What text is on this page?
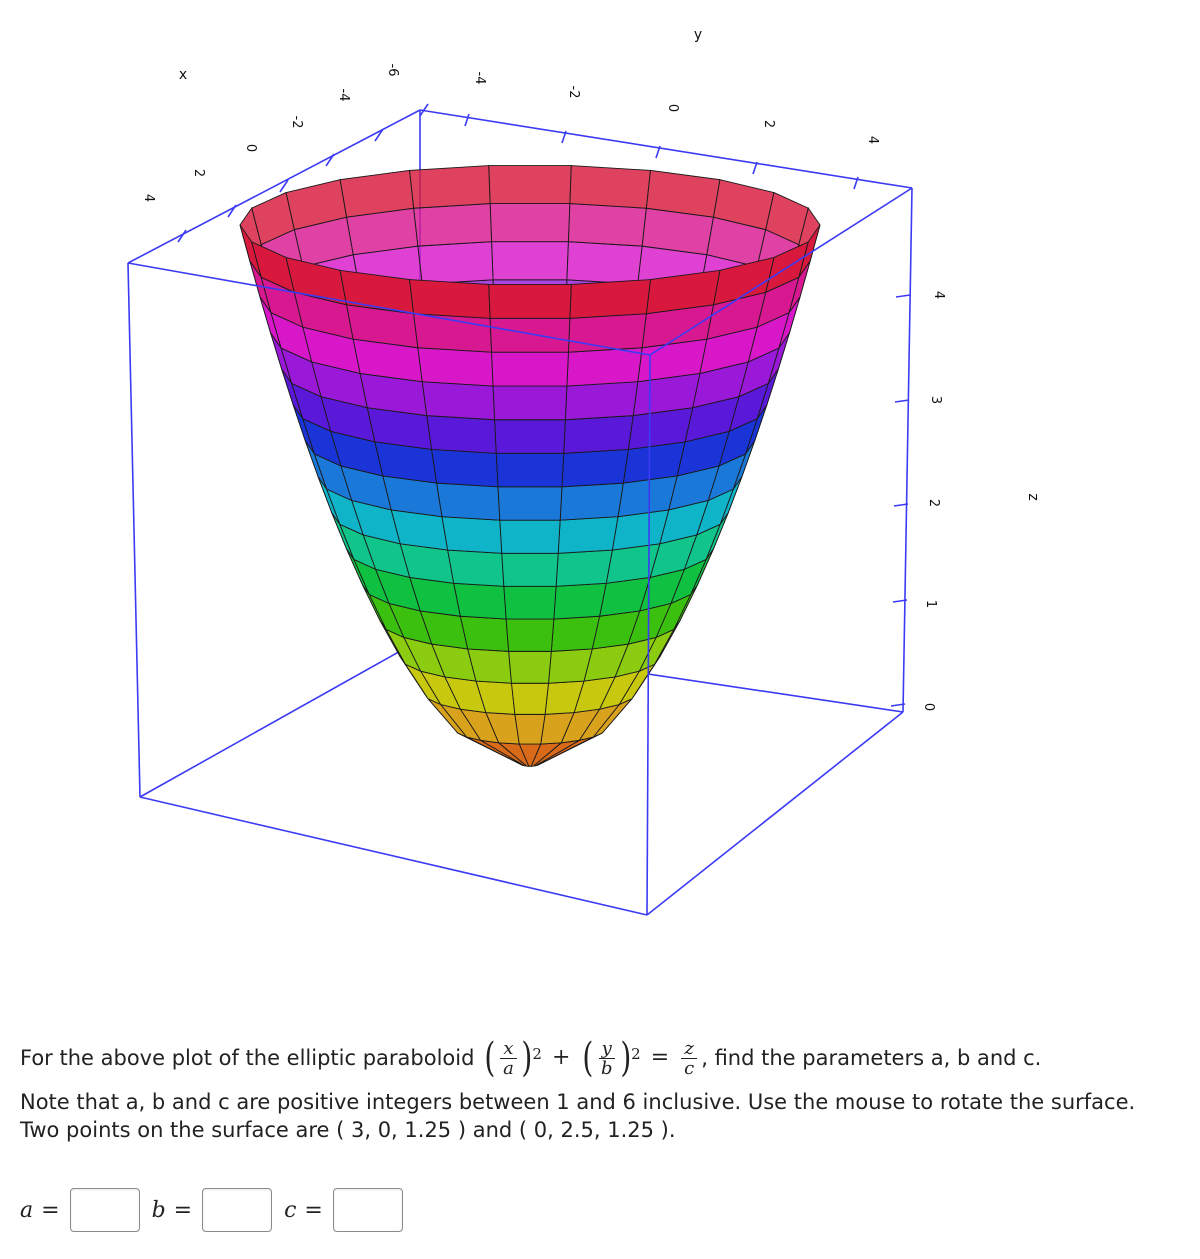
x
y
z
4
2
0
-2
-4
-6
-4
-2
0
2
4
0
1
2
3
4
For the above plot of the elliptic paraboloid ( $\frac{x}{a}$ ) 2 + ( $\frac{y}{b}$ ) $2 = \frac{z}{c}$ , find the parameters a, b and c.
Note that a, b and c are positive integers between 1 and 6 inclusive. Use the mouse to rotate the surface.
Two points on the surface are ( 3, 0, 1.25 ) and ( 0, 2.5, 1.25 ).
a =	b =	c =
